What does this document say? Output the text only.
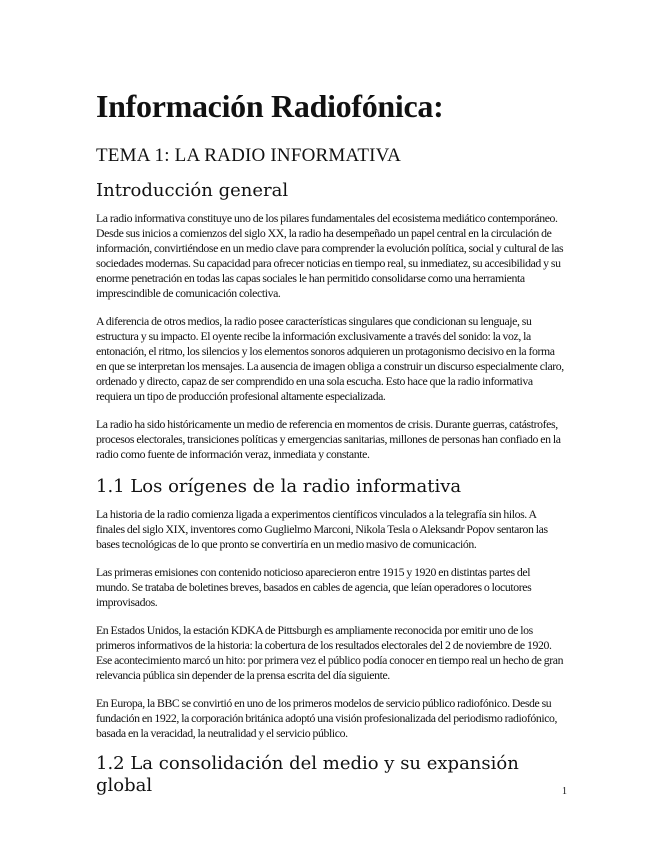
Información Radiofónica:
TEMA 1: LA RADIO INFORMATIVA
Introducción general

La radio informativa constituye uno de los pilares fundamentales del ecosistema mediático contemporáneo. Desde sus inicios a comienzos del siglo XX, la radio ha desempeñado un papel central en la circulación de información, convirtiéndose en un medio clave para comprender la evolución política, social y cultural de las sociedades modernas. Su capacidad para ofrecer noticias en tiempo real, su inmediatez, su accesibilidad y su enorme penetración en todas las capas sociales le han permitido consolidarse como una herramienta imprescindible de comunicación colectiva.

A diferencia de otros medios, la radio posee características singulares que condicionan su lenguaje, su estructura y su impacto. El oyente recibe la información exclusivamente a través del sonido: la voz, la entonación, el ritmo, los silencios y los elementos sonoros adquieren un protagonismo decisivo en la forma en que se interpretan los mensajes. La ausencia de imagen obliga a construir un discurso especialmente claro, ordenado y directo, capaz de ser comprendido en una sola escucha. Esto hace que la radio informativa requiera un tipo de producción profesional altamente especializada.

La radio ha sido históricamente un medio de referencia en momentos de crisis. Durante guerras, catástrofes, procesos electorales, transiciones políticas y emergencias sanitarias, millones de personas han confiado en la radio como fuente de información veraz, inmediata y constante.

1.1 Los orígenes de la radio informativa

La historia de la radio comienza ligada a experimentos científicos vinculados a la telegrafía sin hilos. A finales del siglo XIX, inventores como Guglielmo Marconi, Nikola Tesla o Aleksandr Popov sentaron las bases tecnológicas de lo que pronto se convertiría en un medio masivo de comunicación.

Las primeras emisiones con contenido noticioso aparecieron entre 1915 y 1920 en distintas partes del mundo. Se trataba de boletines breves, basados en cables de agencia, que leían operadores o locutores improvisados.

En Estados Unidos, la estación KDKA de Pittsburgh es ampliamente reconocida por emitir uno de los primeros informativos de la historia: la cobertura de los resultados electorales del 2 de noviembre de 1920. Ese acontecimiento marcó un hito: por primera vez el público podía conocer en tiempo real un hecho de gran relevancia pública sin depender de la prensa escrita del día siguiente.

En Europa, la BBC se convirtió en uno de los primeros modelos de servicio público radiofónico. Desde su fundación en 1922, la corporación británica adoptó una visión profesionalizada del periodismo radiofónico, basada en la veracidad, la neutralidad y el servicio público.

1.2 La consolidación del medio y su expansión global	1
